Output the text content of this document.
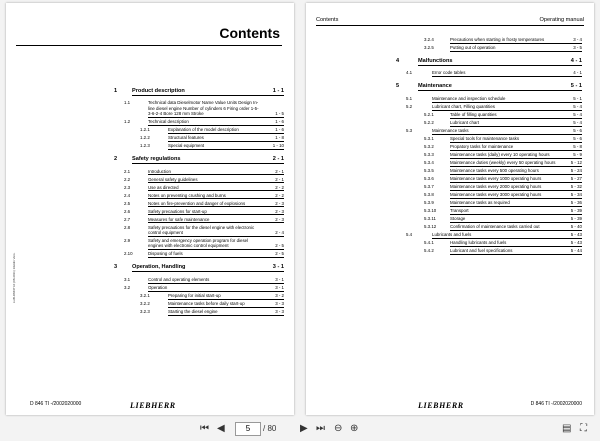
Contents
1	Product description	1 - 1
1.1	Technical data Dieselmotor Name Value Units Design In-line diesel engine Number of cylinders 6 Firing order 1-5-3-6-2-4 Bore 128 mm Stroke	1 - 5
1.2	Technical description	1 - 6
1.2.1	Explanation of the model description	1 - 6
1.2.2	Structural features	1 - 8
1.2.3	Special equipment	1 - 10
2	Safety regulations	2 - 1
2.1	Introduction	2 - 1
2.2	General safety guidelines	2 - 1
2.3	Use as directed	2 - 2
2.4	Notes on preventing crushing and burns	2 - 2
2.5	Notes on fire-prevention and danger of explosions	2 - 3
2.6	Safety precautions for start-up	2 - 3
2.7	Measures for safe maintenance	2 - 3
2.8	Safety precautions for the diesel engine with electronic control equipment	2 - 4
2.9	Safety and emergency operation program for diesel engines with electronic control equipment	2 - 5
2.10	Disposing of fuels	2 - 5
3	Operation, Handling	3 - 1
3.1	Control and operating elements	3 - 1
3.2	Operation	3 - 1
3.2.1	Preparing for initial start-up	3 - 2
3.2.2	Maintenance tasks before daily start-up	3 - 3
3.2.3	Starting the diesel engine	3 - 3
LHB-D846TI-0 (08.2011) 1/Eldin Vers.
D 846 TI -/2002020000	LIEBHERR
Contents	Operating manual
3.2.4	Precautions when starting in frosty temperatures	3 - 4
3.2.5	Putting out of operation	3 - 5
4	Malfunctions	4 - 1
4.1	Error code tables	4 - 1
5	Maintenance	5 - 1
5.1	Maintenance and inspection schedule	5 - 1
5.2	Lubricant chart, Filling quantities	5 - 4
5.2.1	Table of filling quantities	5 - 4
5.2.2	Lubricant chart	5 - 4
5.3	Maintenance tasks	5 - 6
5.3.1	Special tools for maintenance tasks	5 - 6
5.3.2	Propatory tasks for maintenance	5 - 8
5.3.3	Maintenance tasks (daily) every 10 operating hours	5 - 9
5.3.4	Maintenance duties (weekly) every 50 operating hours	5 - 12
5.3.5	Maintenance tasks every 500 operating hours	5 - 24
5.3.6	Maintenance tasks every 1000 operating hours	5 - 27
5.3.7	Maintenance tasks every 2000 operating hours	5 - 32
5.3.8	Maintenance tasks every 3000 operating hours	5 - 34
5.3.9	Maintenance tasks as required	5 - 36
5.3.10	Transport	5 - 39
5.3.11	Storage	5 - 39
5.3.12	Confirmation of maintenance tasks carried out	5 - 40
5.4	Lubricants and fuels	5 - 43
5.4.1	Handling lubricants and fuels	5 - 43
5.4.2	Lubricant and fuel specifications	5 - 44
LIEBHERR	D 846 TI -/2002020000
⏮ ◀	5	/ 80 ▶ ⏭ ⊖ ⊕	▤ ⛶
